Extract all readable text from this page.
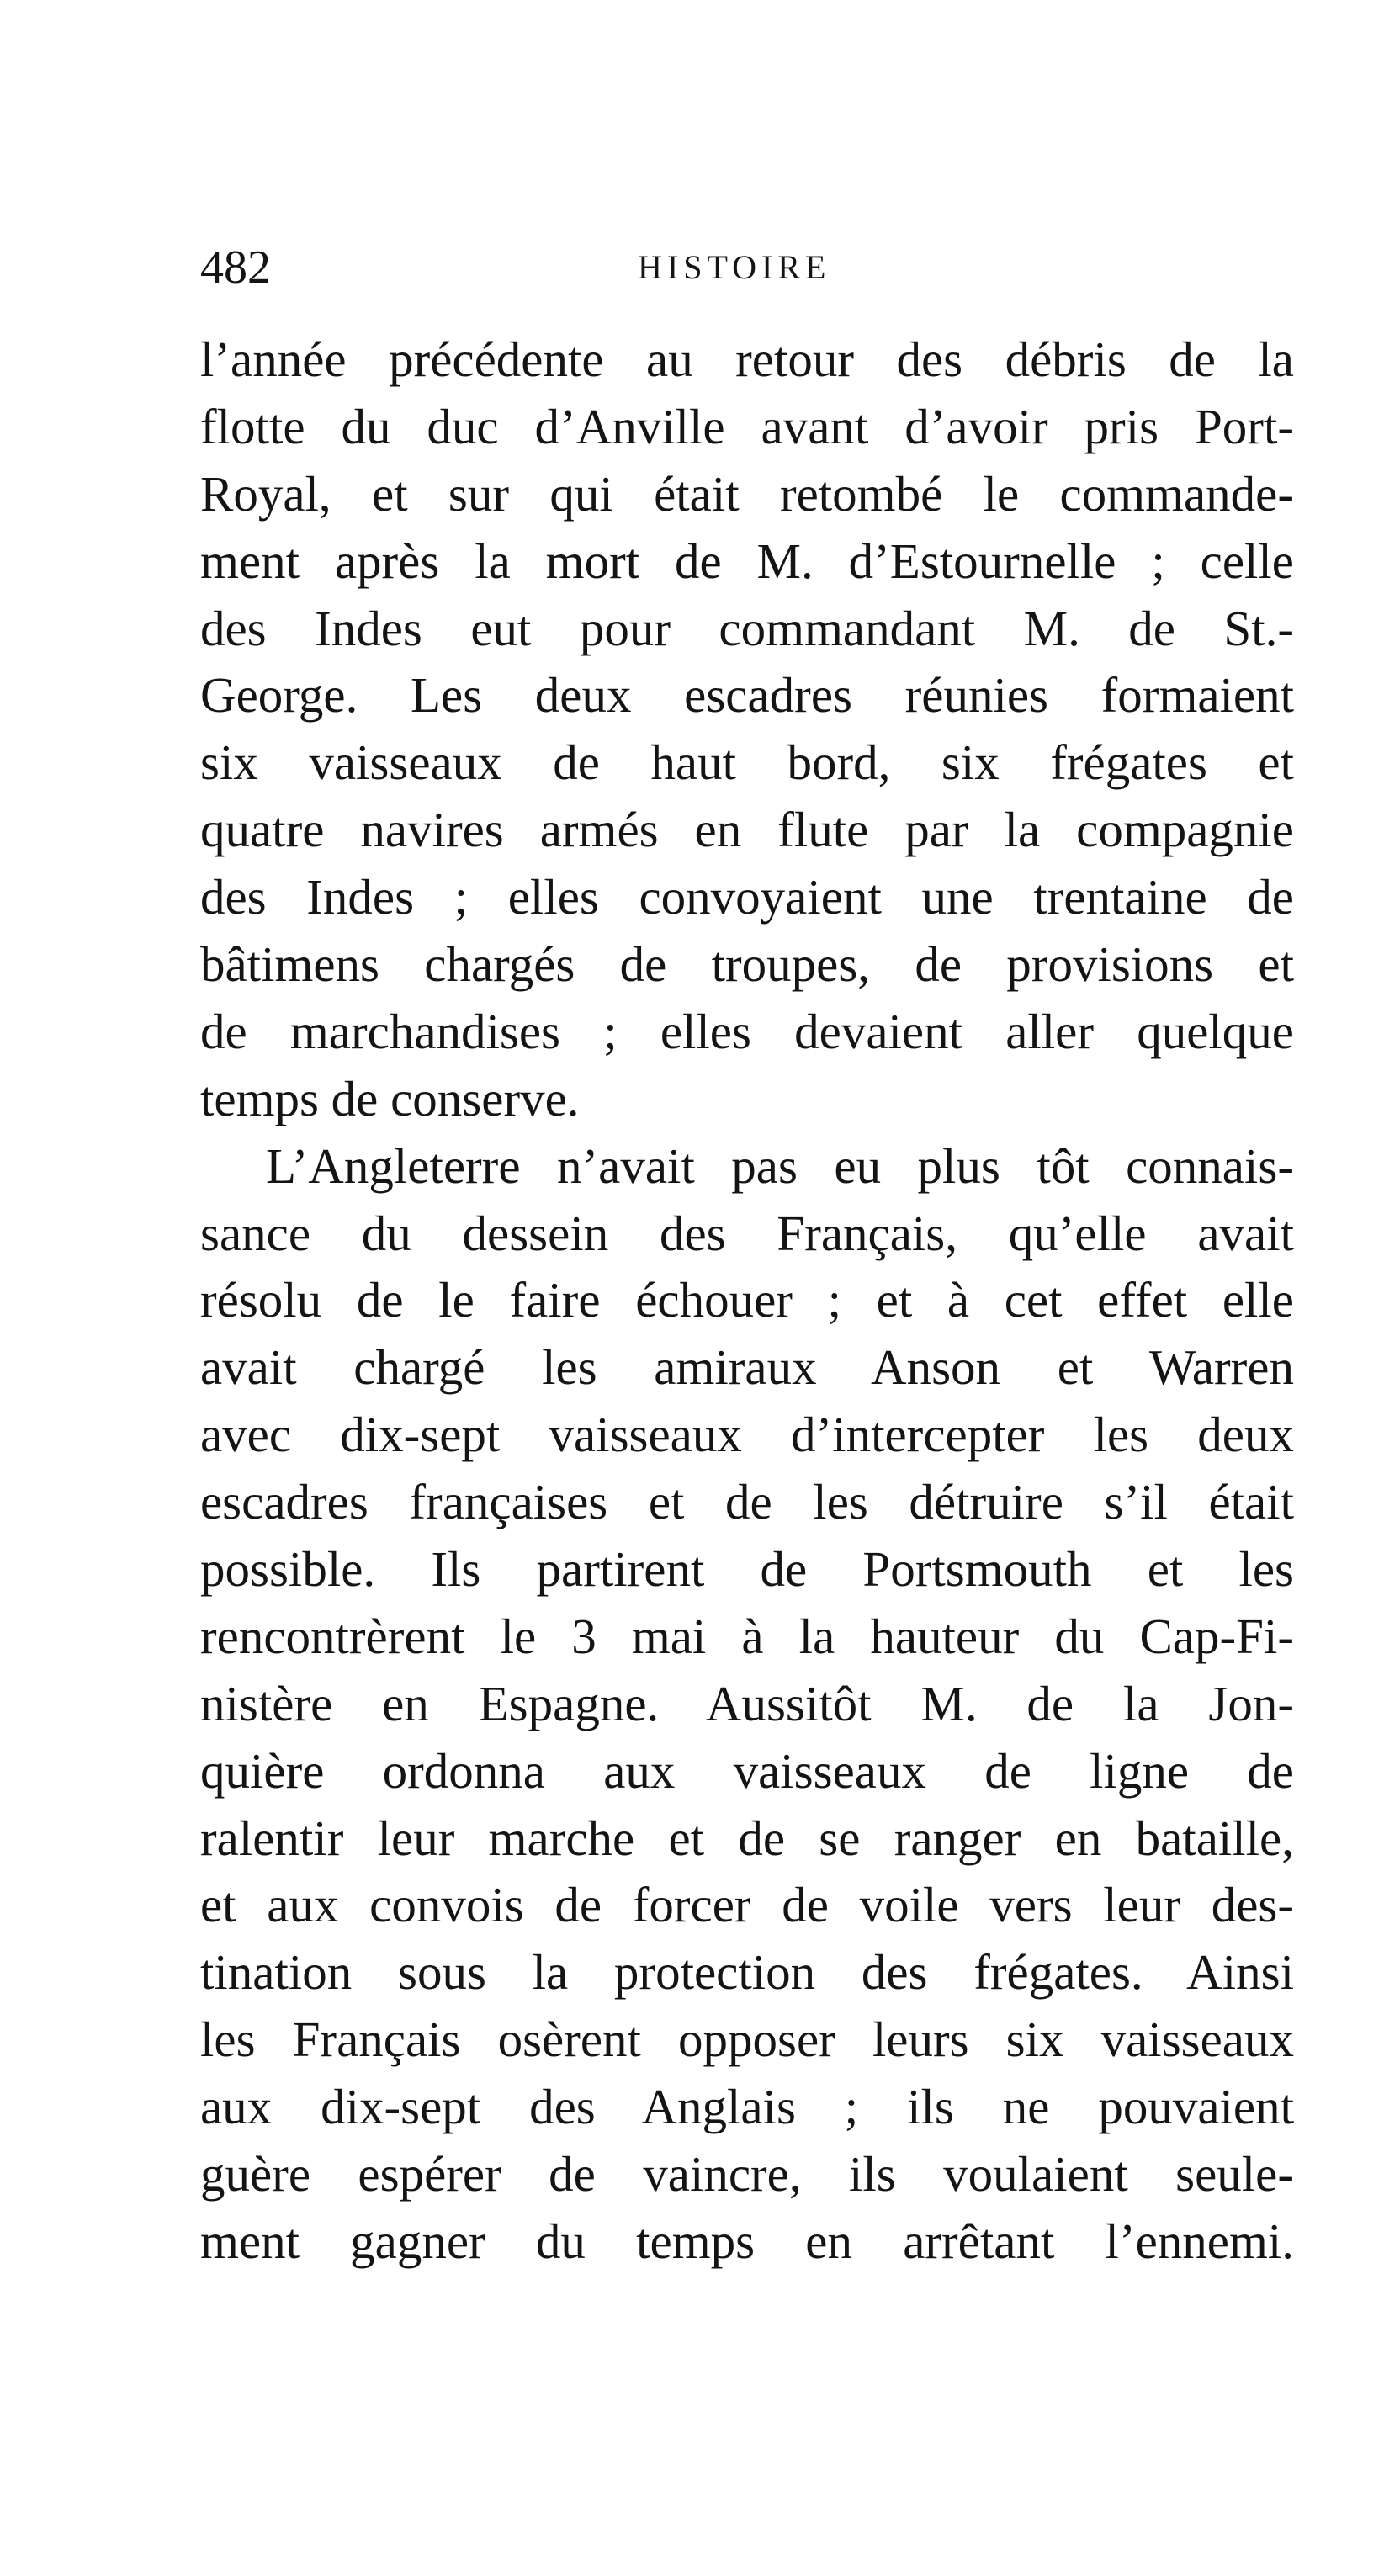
482	HISTOIRE
l’année précédente au retour des débris de la
flotte du duc d’Anville avant d’avoir pris Port-
Royal, et sur qui était retombé le commande-
ment après la mort de M. d’Estournelle ; celle
des Indes eut pour commandant M. de St.-
George. Les deux escadres réunies formaient
six vaisseaux de haut bord, six frégates et
quatre navires armés en flute par la compagnie
des Indes ; elles convoyaient une trentaine de
bâtimens chargés de troupes, de provisions et
de marchandises ; elles devaient aller quelque
temps de conserve.
L’Angleterre n’avait pas eu plus tôt connais-
sance du dessein des Français, qu’elle avait
résolu de le faire échouer ; et à cet effet elle
avait chargé les amiraux Anson et Warren
avec dix-sept vaisseaux d’intercepter les deux
escadres françaises et de les détruire s’il était
possible. Ils partirent de Portsmouth et les
rencontrèrent le 3 mai à la hauteur du Cap-Fi-
nistère en Espagne. Aussitôt M. de la Jon-
quière ordonna aux vaisseaux de ligne de
ralentir leur marche et de se ranger en bataille,
et aux convois de forcer de voile vers leur des-
tination sous la protection des frégates. Ainsi
les Français osèrent opposer leurs six vaisseaux
aux dix-sept des Anglais ; ils ne pouvaient
guère espérer de vaincre, ils voulaient seule-
ment gagner du temps en arrêtant l’ennemi.
